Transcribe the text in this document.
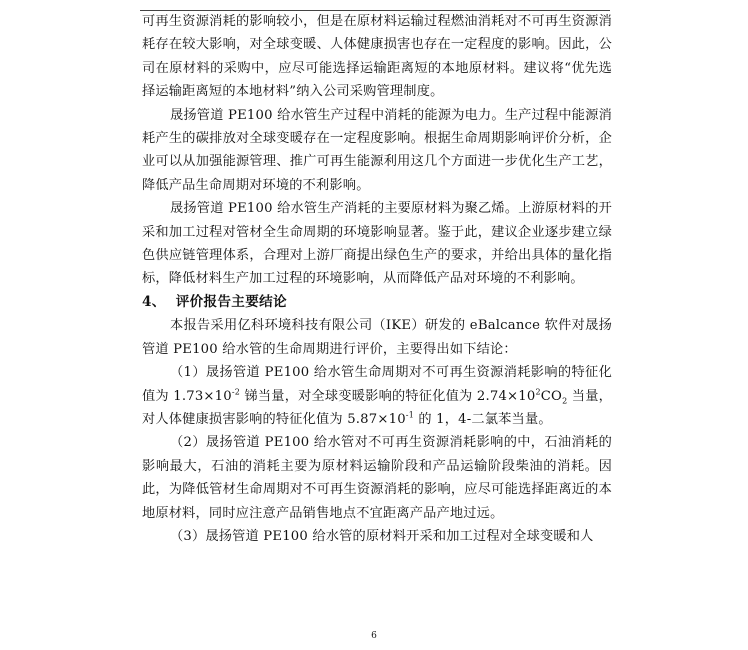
可再生资源消耗的影响较小，但是在原材料运输过程燃油消耗对不可再生资源消耗存在较大影响，对全球变暖、人体健康损害也存在一定程度的影响。因此，公司在原材料的采购中，应尽可能选择运输距离短的本地原材料。建议将“优先选择运输距离短的本地材料”纳入公司采购管理制度。

晟扬管道 PE100 给水管生产过程中消耗的能源为电力。生产过程中能源消耗产生的碳排放对全球变暖存在一定程度影响。根据生命周期影响评价分析，企业可以从加强能源管理、推广可再生能源利用这几个方面进一步优化生产工艺，降低产品生命周期对环境的不利影响。

晟扬管道 PE100 给水管生产消耗的主要原材料为聚乙烯。上游原材料的开采和加工过程对管材全生命周期的环境影响显著。鉴于此，建议企业逐步建立绿色供应链管理体系，合理对上游厂商提出绿色生产的要求，并给出具体的量化指标，降低材料生产加工过程的环境影响，从而降低产品对环境的不利影响。

4、 评价报告主要结论

本报告采用亿科环境科技有限公司（IKE）研发的 eBalcance 软件对晟扬管道 PE100 给水管的生命周期进行评价，主要得出如下结论：

（1）晟扬管道 PE100 给水管生命周期对不可再生资源消耗影响的特征化值为 $1.73\times 10^{-2}$ 锑当量，对全球变暖影响的特征化值为 $2.74\times 10^2CO_2$ 当量，对人体健康损害影响的特征化值为 $5.87\times 10^{-1}$ 的 1，4-二氯苯当量。

（2）晟扬管道 PE100 给水管对不可再生资源消耗影响的中，石油消耗的影响最大，石油的消耗主要为原材料运输阶段和产品运输阶段柴油的消耗。因此，为降低管材生命周期对不可再生资源消耗的影响，应尽可能选择距离近的本地原材料，同时应注意产品销售地点不宜距离产品产地过远。

（3）晟扬管道 PE100 给水管的原材料开采和加工过程对全球变暖和人

6
